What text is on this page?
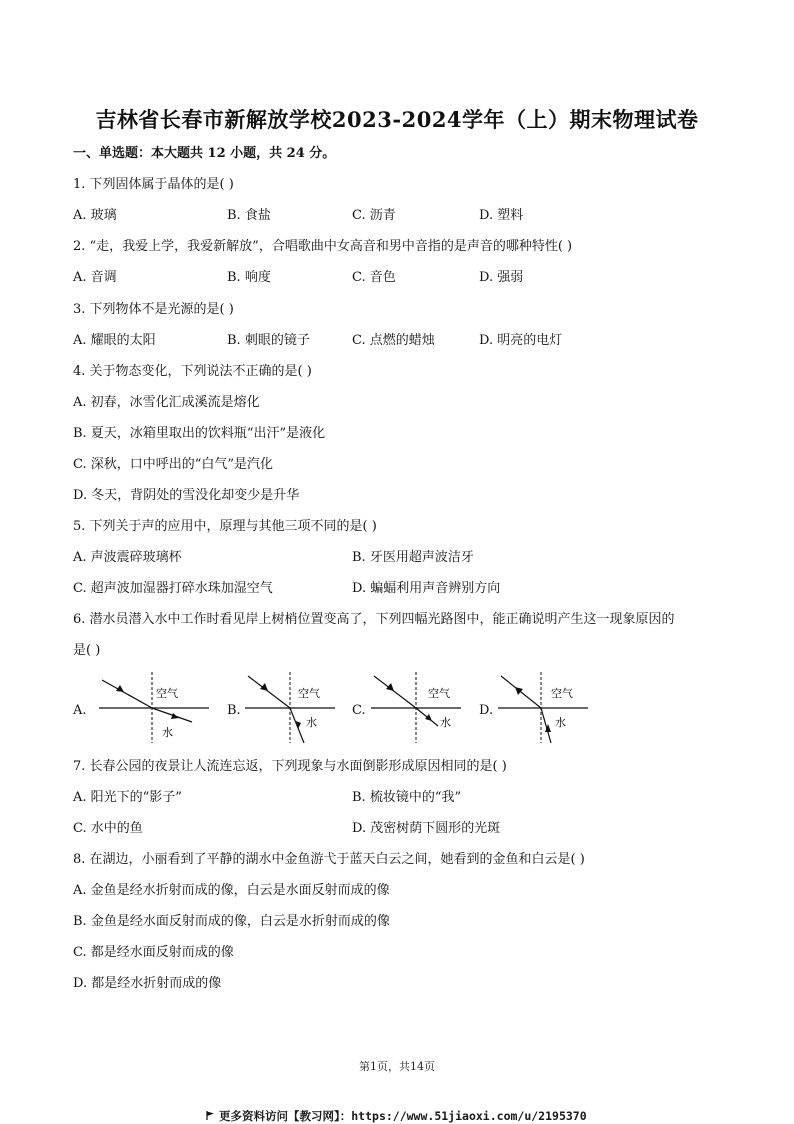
吉林省长春市新解放学校2023-2024学年（上）期末物理试卷
一、单选题：本大题共 12 小题，共 24 分。
1. 下列固体属于晶体的是( )
A. 玻璃	B. 食盐	C. 沥青	D. 塑料
2. “走，我爱上学，我爱新解放”，合唱歌曲中女高音和男中音指的是声音的哪种特性( )
A. 音调	B. 响度	C. 音色	D. 强弱
3. 下列物体不是光源的是( )
A. 耀眼的太阳	B. 刺眼的镜子	C. 点燃的蜡烛	D. 明亮的电灯
4. 关于物态变化，下列说法不正确的是( )
A. 初春，冰雪化汇成溪流是熔化
B. 夏天，冰箱里取出的饮料瓶“出汗”是液化
C. 深秋，口中呼出的“白气”是汽化
D. 冬天，背阴处的雪没化却变少是升华
5. 下列关于声的应用中，原理与其他三项不同的是( )
A. 声波震碎玻璃杯	B. 牙医用超声波洁牙
C. 超声波加湿器打碎水珠加湿空气	D. 蝙蝠利用声音辨别方向
6. 潜水员潜入水中工作时看见岸上树梢位置变高了，下列四幅光路图中，能正确说明产生这一现象原因的
是( )
A.
空气
水
B.
空气
水
C.
空气
水
D.
空气
水
7. 长春公园的夜景让人流连忘返，下列现象与水面倒影形成原因相同的是( )
A. 阳光下的“影子”	B. 梳妆镜中的“我”
C. 水中的鱼	D. 茂密树荫下圆形的光斑
8. 在湖边，小丽看到了平静的湖水中金鱼游弋于蓝天白云之间，她看到的金鱼和白云是( )
A. 金鱼是经水折射而成的像，白云是水面反射而成的像
B. 金鱼是经水面反射而成的像，白云是水折射而成的像
C. 都是经水面反射而成的像
D. 都是经水折射而成的像
第1页，共14页
更多资料访问【教习网】：https://www.51jiaoxi.com/u/2195370
